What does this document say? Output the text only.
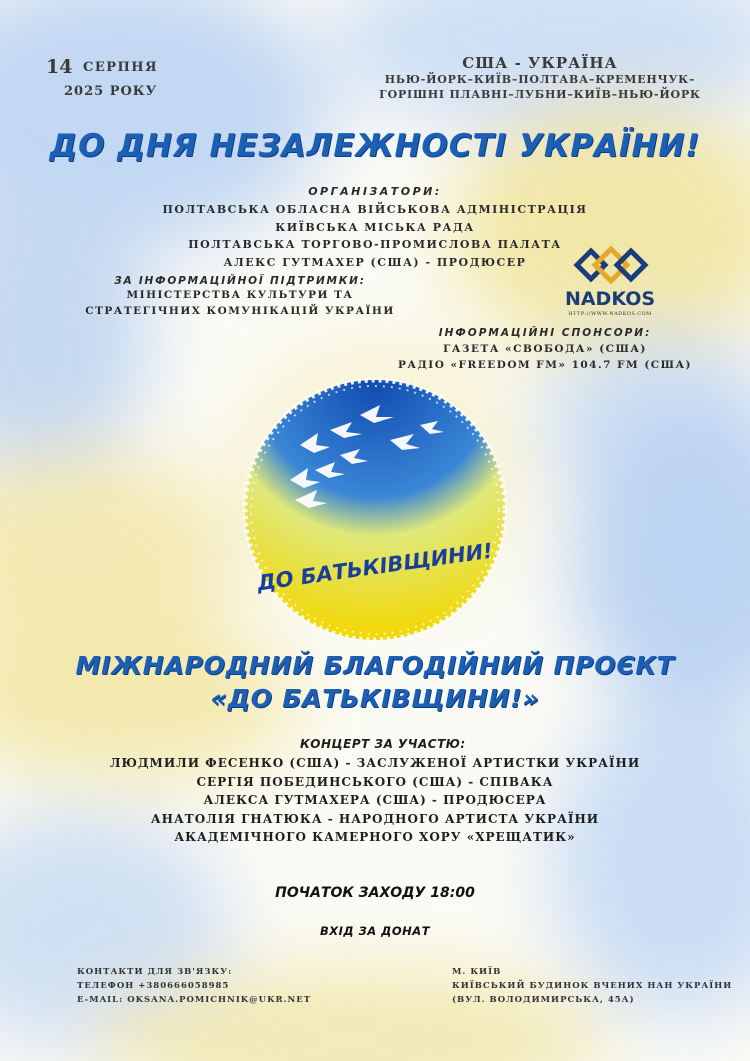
14 СЕРПНЯ
2025 РОКУ
США - УКРАЇНА
НЬЮ-ЙОРК–КИЇВ–ПОЛТАВА–КРЕМЕНЧУК–
ГОРІШНІ ПЛАВНІ–ЛУБНИ–КИЇВ–НЬЮ-ЙОРК
ДО ДНЯ НЕЗАЛЕЖНОСТІ УКРАЇНИ!
ОРГАНІЗАТОРИ:
ПОЛТАВСЬКА ОБЛАСНА ВІЙСЬКОВА АДМІНІСТРАЦІЯ
КИЇВСЬКА МІСЬКА РАДА
ПОЛТАВСЬКА ТОРГОВО-ПРОМИСЛОВА ПАЛАТА
АЛЕКС ГУТМАХЕР (США) - ПРОДЮСЕР
ЗА ІНФОРМАЦІЙНОЇ ПІДТРИМКИ:
МІНІСТЕРСТВА КУЛЬТУРИ ТА
СТРАТЕГІЧНИХ КОМУНІКАЦІЙ УКРАЇНИ
NADKOS
HTTP://WWW.NADKOS.COM
ІНФОРМАЦІЙНІ СПОНСОРИ:
ГАЗЕТА «СВОБОДА» (США)
РАДІО «FREEDOM FM» 104.7 FM (США)
ДО БАТЬКІВЩИНИ!
МІЖНАРОДНИЙ БЛАГОДІЙНИЙ ПРОЄКТ
«ДО БАТЬКІВЩИНИ!»
КОНЦЕРТ ЗА УЧАСТЮ:
ЛЮДМИЛИ ФЕСЕНКО (США) - ЗАСЛУЖЕНОЇ АРТИСТКИ УКРАЇНИ
СЕРГІЯ ПОБЕДИНСЬКОГО (США) - СПІВАКА
АЛЕКСА ГУТМАХЕРА (США) - ПРОДЮСЕРА
АНАТОЛІЯ ГНАТЮКА - НАРОДНОГО АРТИСТА УКРАЇНИ
АКАДЕМІЧНОГО КАМЕРНОГО ХОРУ «ХРЕЩАТИК»
ПОЧАТОК ЗАХОДУ 18:00
ВХІД ЗА ДОНАТ
КОНТАКТИ ДЛЯ ЗВ'ЯЗКУ:
ТЕЛЕФОН +380666058985
E-MAIL: OKSANA.POMICHNIK@UKR.NET
М. КИЇВ
КИЇВСЬКИЙ БУДИНОК ВЧЕНИХ НАН УКРАЇНИ
(ВУЛ. ВОЛОДИМИРСЬКА, 45А)
